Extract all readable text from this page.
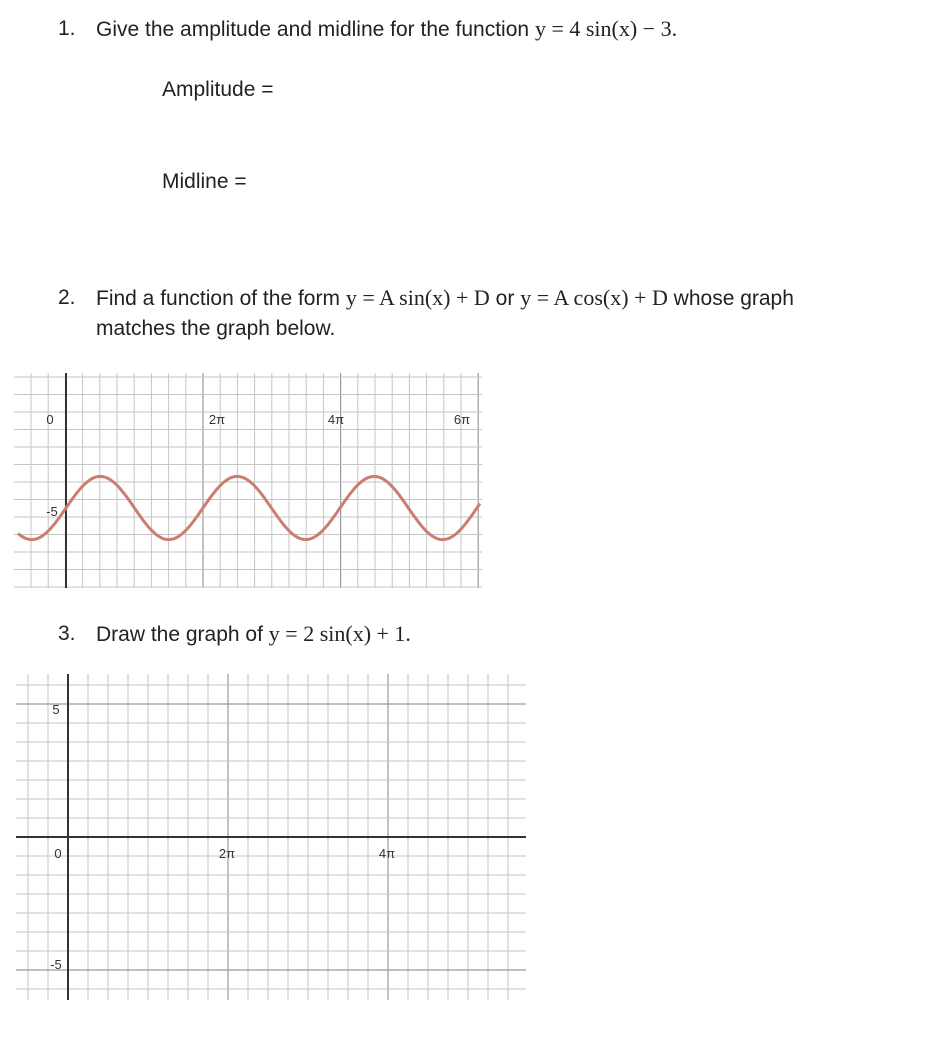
1. Give the amplitude and midline for the function y = 4 sin(x) − 3.
Amplitude =
Midline =
2. Find a function of the form y = A sin(x) + D or y = A cos(x) + D whose graph
matches the graph below.
0	2π	4π	6π
-5
3. Draw the graph of y = 2 sin(x) + 1.
5
0
-5
2π	4π
